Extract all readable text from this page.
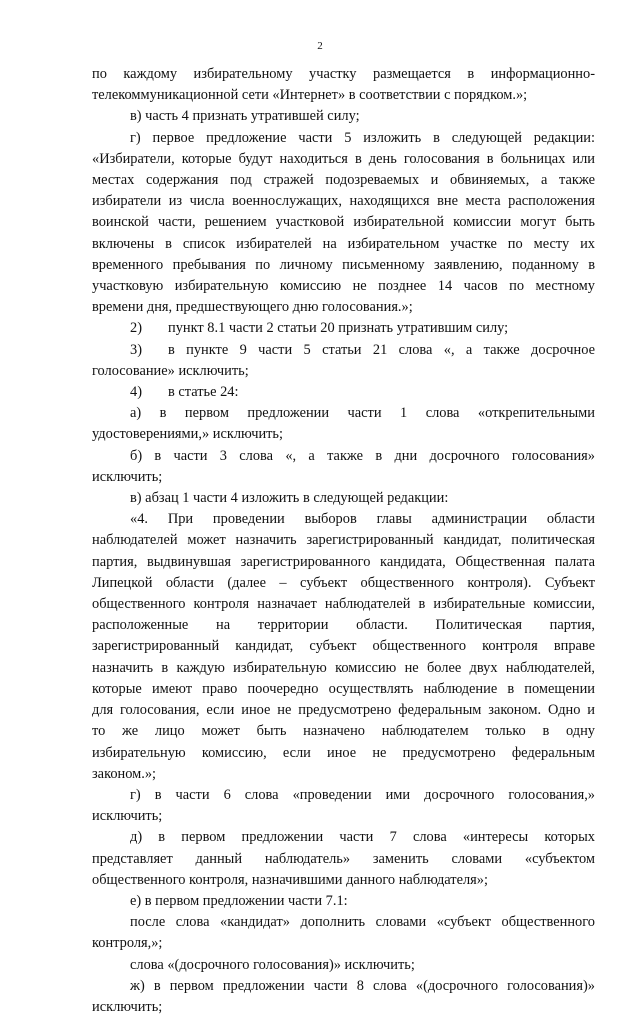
2

по каждому избирательному участку размещается в информационно-
телекоммуникационной сети «Интернет» в соответствии с порядком.»;

в) часть 4 признать утратившей силу;

г) первое предложение части 5 изложить в следующей редакции:
«Избиратели, которые будут находиться в день голосования в больницах или
местах содержания под стражей подозреваемых и обвиняемых, а также
избиратели из числа военнослужащих, находящихся вне места расположения
воинской части, решением участковой избирательной комиссии могут быть
включены в список избирателей на избирательном участке по месту их
временного пребывания по личному письменному заявлению, поданному в
участковую избирательную комиссию не позднее 14 часов по местному
времени дня, предшествующего дню голосования.»;

2)	пункт 8.1 части 2 статьи 20 признать утратившим силу;
3)	в пункте 9 части 5 статьи 21 слова «, а также досрочное
голосование» исключить;
4)	в статье 24:

а) в первом предложении части 1 слова «открепительными
удостоверениями,» исключить;

б) в части 3 слова «, а также в дни досрочного голосования»
исключить;

в) абзац 1 части 4 изложить в следующей редакции:

«4. При проведении выборов главы администрации области
наблюдателей может назначить зарегистрированный кандидат, политическая
партия, выдвинувшая зарегистрированного кандидата, Общественная палата
Липецкой области (далее – субъект общественного контроля). Субъект
общественного контроля назначает наблюдателей в избирательные комиссии,
расположенные на территории области. Политическая партия,
зарегистрированный кандидат, субъект общественного контроля вправе
назначить в каждую избирательную комиссию не более двух наблюдателей,
которые имеют право поочередно осуществлять наблюдение в помещении
для голосования, если иное не предусмотрено федеральным законом. Одно и
то же лицо может быть назначено наблюдателем только в одну
избирательную комиссию, если иное не предусмотрено федеральным
законом.»;

г) в части 6 слова «проведении ими досрочного голосования,»
исключить;

д) в первом предложении части 7 слова «интересы которых
представляет данный наблюдатель» заменить словами «субъектом
общественного контроля, назначившими данного наблюдателя»;

е) в первом предложении части 7.1:

после слова «кандидат» дополнить словами «субъект общественного
контроля,»;

слова «(досрочного голосования)» исключить;

ж) в первом предложении части 8 слова «(досрочного голосования)»
исключить;
